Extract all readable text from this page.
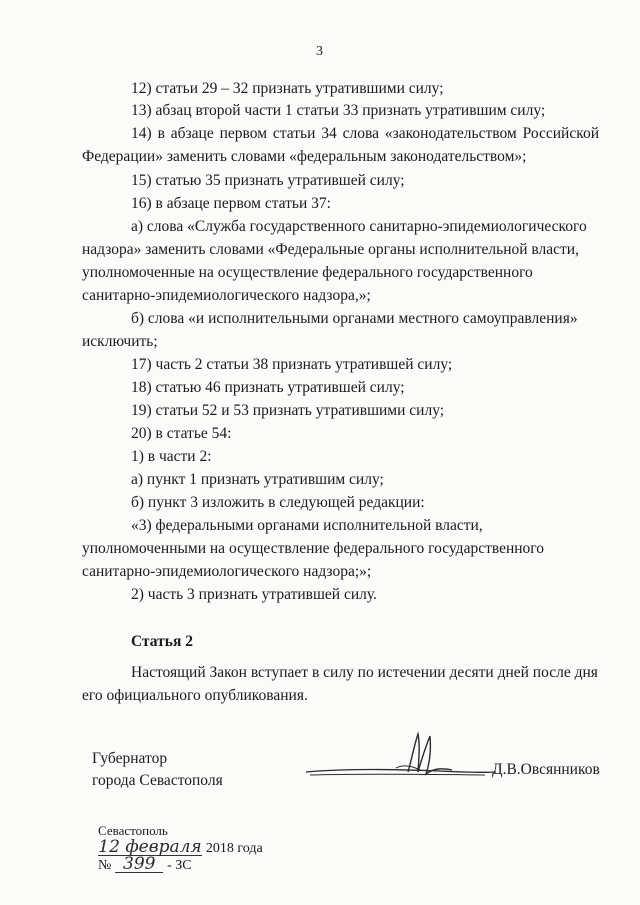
3
12) статьи 29 – 32 признать утратившими силу;
13) абзац второй части 1 статьи 33 признать утратившим силу;
14) в абзаце первом статьи 34 слова «законодательством Российской
Федерации» заменить словами «федеральным законодательством»;
15) статью 35 признать утратившей силу;
16) в абзаце первом статьи 37:
а) слова «Служба государственного санитарно-эпидемиологического
надзора» заменить словами «Федеральные органы исполнительной власти,
уполномоченные на осуществление федерального государственного
санитарно-эпидемиологического надзора,»;
б) слова «и исполнительными органами местного самоуправления»
исключить;
17) часть 2 статьи 38 признать утратившей силу;
18) статью 46 признать утратившей силу;
19) статьи 52 и 53 признать утратившими силу;
20) в статье 54:
1) в части 2:
а) пункт 1 признать утратившим силу;
б) пункт 3 изложить в следующей редакции:
«3) федеральными органами исполнительной власти,
уполномоченными на осуществление федерального государственного
санитарно-эпидемиологического надзора;»;
2) часть 3 признать утратившей силу.
Статья 2
Настоящий Закон вступает в силу по истечении десяти дней после дня
его официального опубликования.
Губернатор
города Севастополя
Д.В.Овсянников
Севастополь
12 февраля 2018 года
№ 399 - ЗС
